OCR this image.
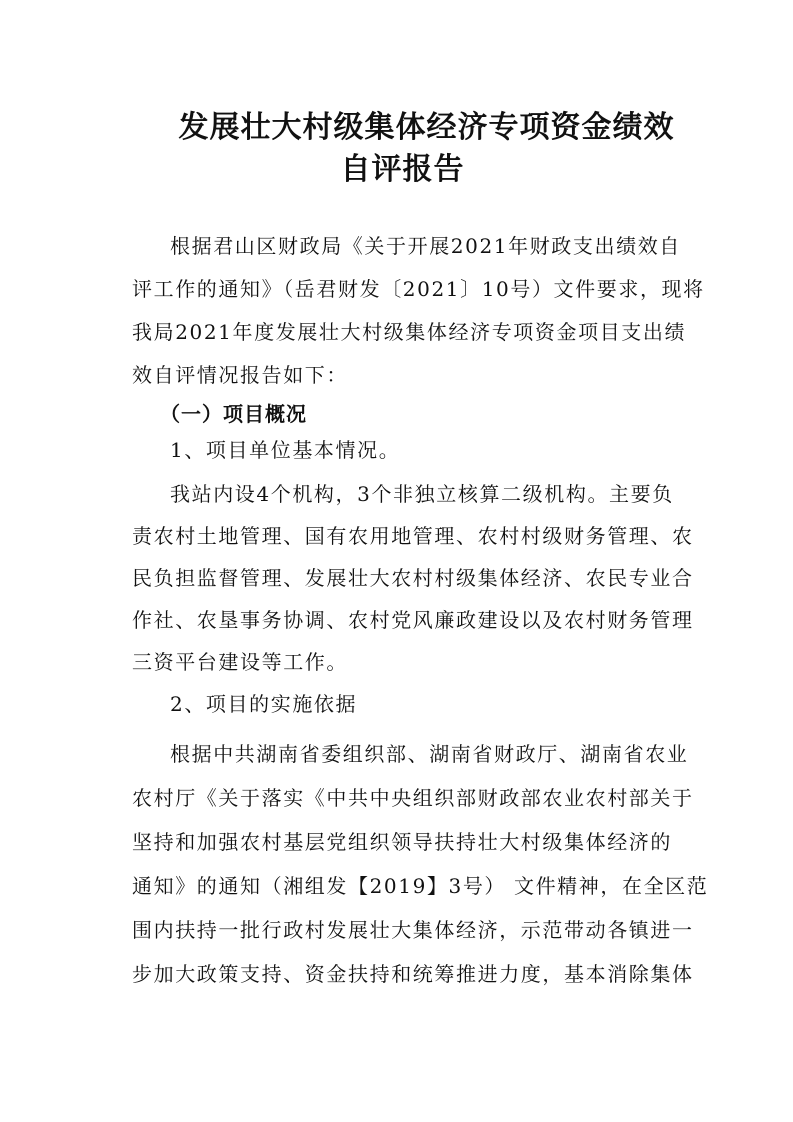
发展壮大村级集体经济专项资金绩效
自评报告
根据君山区财政局《关于开展2021年财政支出绩效自
评工作的通知》（岳君财发〔2021〕10号）文件要求，现将
我局2021年度发展壮大村级集体经济专项资金项目支出绩
效自评情况报告如下：
（一）项目概况
1、项目单位基本情况。
我站内设4个机构，3个非独立核算二级机构。主要负
责农村土地管理、国有农用地管理、农村村级财务管理、农
民负担监督管理、发展壮大农村村级集体经济、农民专业合
作社、农垦事务协调、农村党风廉政建设以及农村财务管理
三资平台建设等工作。
2、项目的实施依据
根据中共湖南省委组织部、湖南省财政厅、湖南省农业
农村厅《关于落实《中共中央组织部财政部农业农村部关于
坚持和加强农村基层党组织领导扶持壮大村级集体经济的
通知》的通知（湘组发【2019】3号） 文件精神，在全区范
围内扶持一批行政村发展壮大集体经济，示范带动各镇进一
步加大政策支持、资金扶持和统筹推进力度，基本消除集体
